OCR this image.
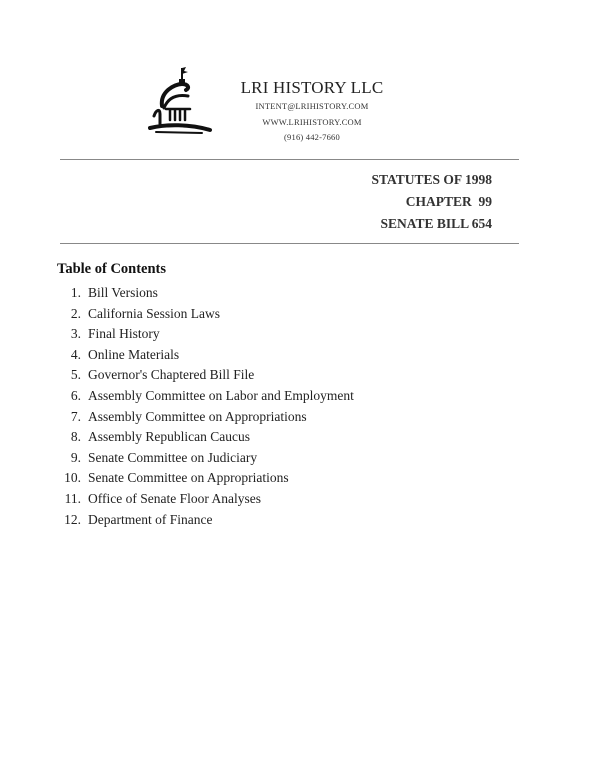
LRI HISTORY LLC
INTENT@LRIHISTORY.COM
WWW.LRIHISTORY.COM
(916) 442-7660
STATUTES OF 1998
CHAPTER  99
SENATE BILL 654
Table of Contents
1. Bill Versions
2. California Session Laws
3. Final History
4. Online Materials
5. Governor's Chaptered Bill File
6. Assembly Committee on Labor and Employment
7. Assembly Committee on Appropriations
8. Assembly Republican Caucus
9. Senate Committee on Judiciary
10. Senate Committee on Appropriations
11. Office of Senate Floor Analyses
12. Department of Finance
